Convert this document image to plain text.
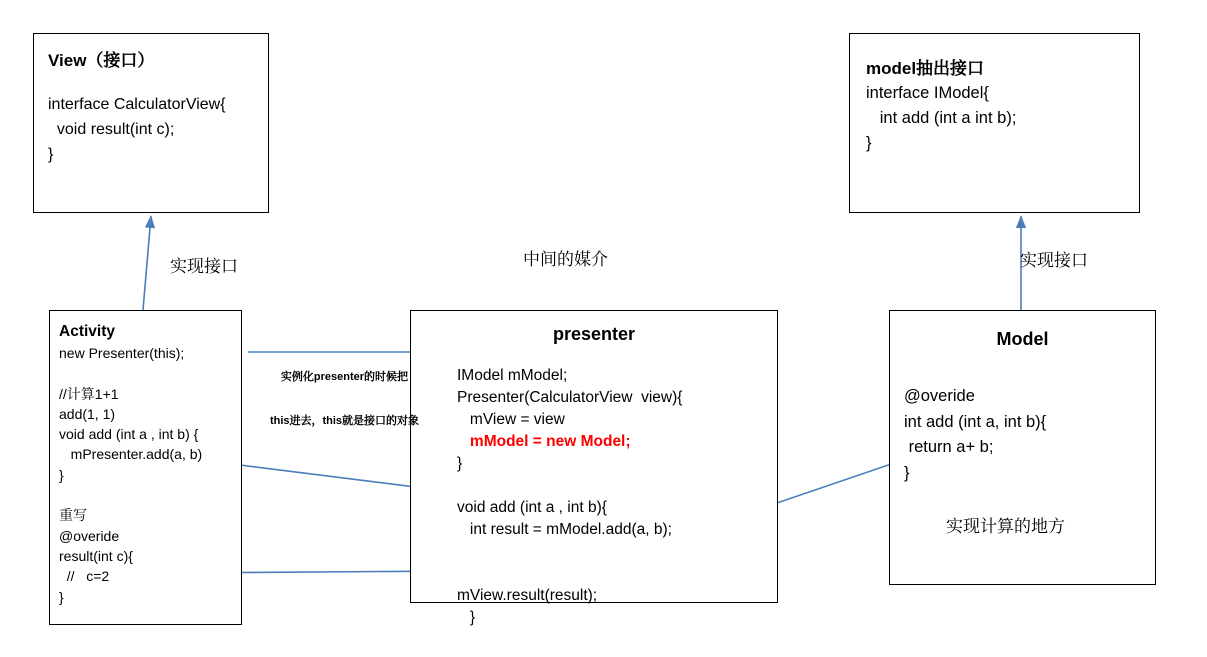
View（接口）
interface CalculatorView{
void result(int c);
}
model抽出接口
interface IModel{
int add (int a int b);
}
Activity
new Presenter(this);

//计算1+1
add(1, 1)
void add (int a , int b) {
mPresenter.add(a, b)
}

重写
@overide
result(int c){
//   c=2
}
presenter
IModel mModel;
Presenter(CalculatorView  view){
mView = view
mModel = new Model;
}

void add (int a , int b){
int result = mModel.add(a, b);

mView.result(result);
}
Model
@overide
int add (int a, int b){
return a+ b;
}
实现计算的地方
实现接口	中间的媒介	实现接口

实例化presenter的时候把

this进去，this就是接口的对象
